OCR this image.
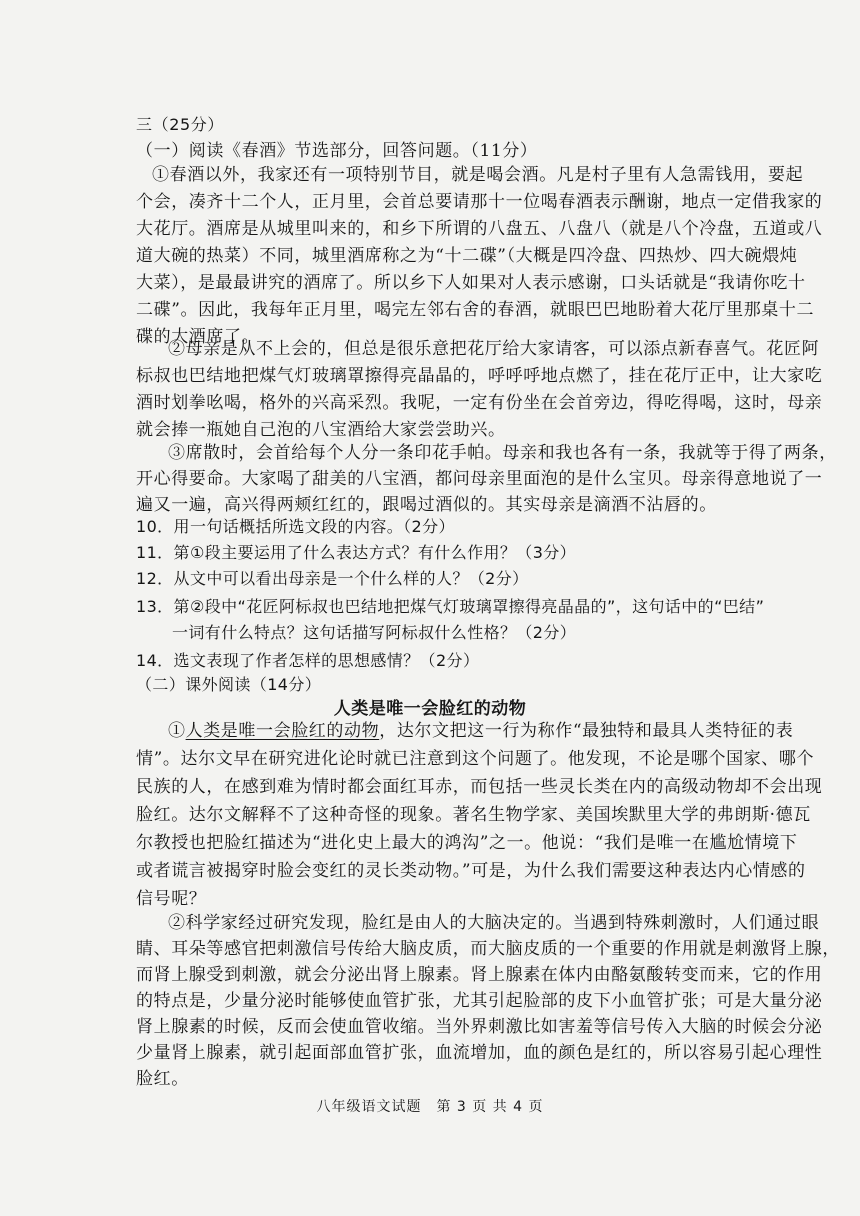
三（25分）
（一）阅读《春酒》节选部分，回答问题。（11分）
①春酒以外，我家还有一项特别节目，就是喝会酒。凡是村子里有人急需钱用，要起
个会，凑齐十二个人，正月里，会首总要请那十一位喝春酒表示酬谢，地点一定借我家的
大花厅。酒席是从城里叫来的，和乡下所谓的八盘五、八盘八（就是八个冷盘，五道或八
道大碗的热菜）不同，城里酒席称之为“十二碟”（大概是四冷盘、四热炒、四大碗煨炖
大菜），是最最讲究的酒席了。所以乡下人如果对人表示感谢，口头话就是“我请你吃十
二碟”。因此，我每年正月里，喝完左邻右舍的春酒，就眼巴巴地盼着大花厅里那桌十二
碟的大酒席了。
②母亲是从不上会的，但总是很乐意把花厅给大家请客，可以添点新春喜气。花匠阿
标叔也巴结地把煤气灯玻璃罩擦得亮晶晶的，呼呼呼地点燃了，挂在花厅正中，让大家吃
酒时划拳吆喝，格外的兴高采烈。我呢，一定有份坐在会首旁边，得吃得喝，这时，母亲
就会捧一瓶她自己泡的八宝酒给大家尝尝助兴。
③席散时，会首给每个人分一条印花手帕。母亲和我也各有一条，我就等于得了两条，
开心得要命。大家喝了甜美的八宝酒，都问母亲里面泡的是什么宝贝。母亲得意地说了一
遍又一遍，高兴得两颊红红的，跟喝过酒似的。其实母亲是滴酒不沾唇的。
10．用一句话概括所选文段的内容。（2分）
11．第①段主要运用了什么表达方式？有什么作用？（3分）
12．从文中可以看出母亲是一个什么样的人？（2分）
13．第②段中“花匠阿标叔也巴结地把煤气灯玻璃罩擦得亮晶晶的”，这句话中的“巴结”
一词有什么特点？这句话描写阿标叔什么性格？（2分）
14．选文表现了作者怎样的思想感情？（2分）
（二）课外阅读（14分）
人类是唯一会脸红的动物
①人类是唯一会脸红的动物，达尔文把这一行为称作“最独特和最具人类特征的表
情”。达尔文早在研究进化论时就已注意到这个问题了。他发现，不论是哪个国家、哪个
民族的人，在感到难为情时都会面红耳赤，而包括一些灵长类在内的高级动物却不会出现
脸红。达尔文解释不了这种奇怪的现象。著名生物学家、美国埃默里大学的弗朗斯·德瓦
尔教授也把脸红描述为“进化史上最大的鸿沟”之一。他说：“我们是唯一在尴尬情境下
或者谎言被揭穿时脸会变红的灵长类动物。”可是，为什么我们需要这种表达内心情感的
信号呢？
②科学家经过研究发现，脸红是由人的大脑决定的。当遇到特殊刺激时，人们通过眼
睛、耳朵等感官把刺激信号传给大脑皮质，而大脑皮质的一个重要的作用就是刺激肾上腺，
而肾上腺受到刺激，就会分泌出肾上腺素。肾上腺素在体内由酪氨酸转变而来，它的作用
的特点是，少量分泌时能够使血管扩张，尤其引起脸部的皮下小血管扩张；可是大量分泌
肾上腺素的时候，反而会使血管收缩。当外界刺激比如害羞等信号传入大脑的时候会分泌
少量肾上腺素，就引起面部血管扩张，血流增加，血的颜色是红的，所以容易引起心理性
脸红。
八年级语文试题　第 3 页 共 4 页
